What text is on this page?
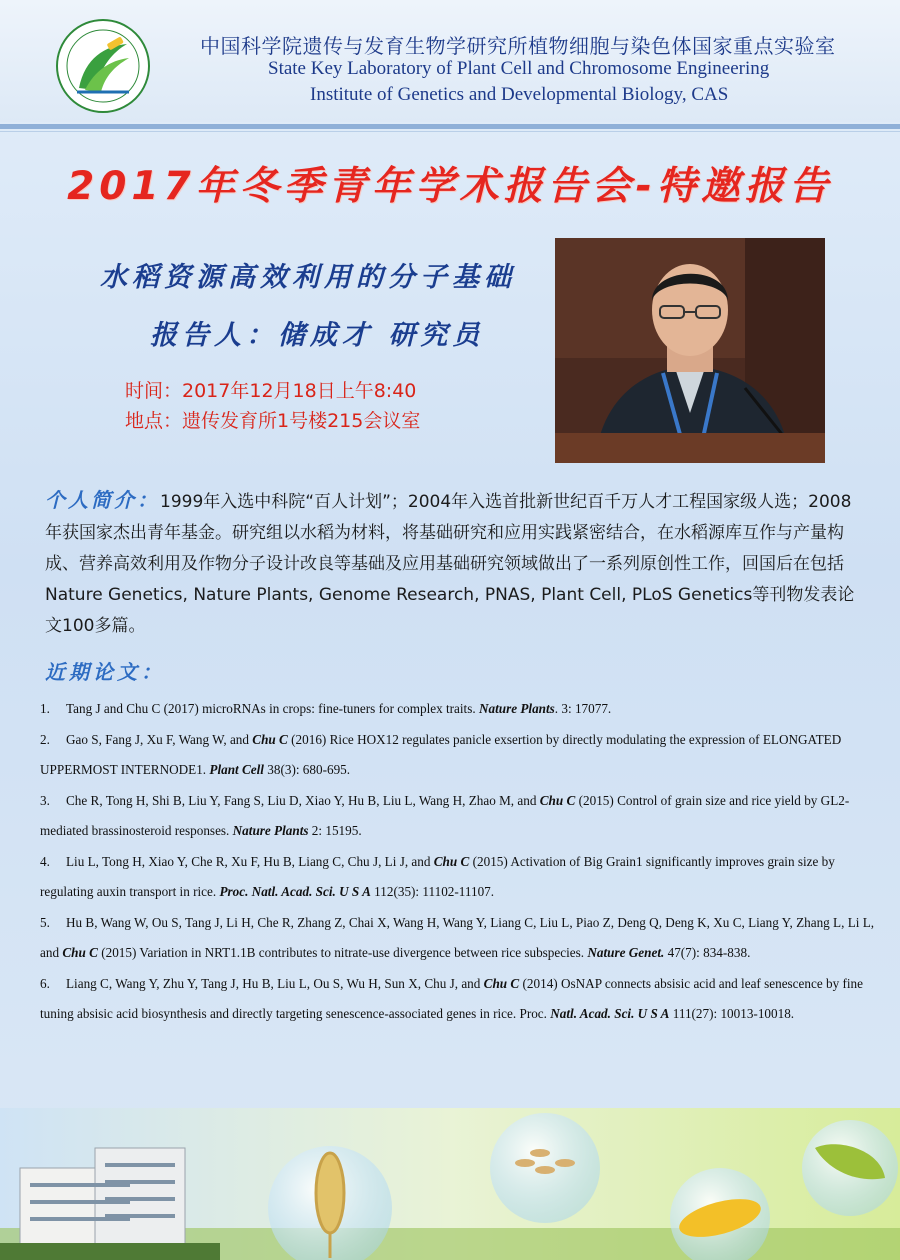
中国科学院遗传与发育生物学研究所植物细胞与染色体国家重点实验室
State Key Laboratory of Plant Cell and Chromosome Engineering
Institute of Genetics and Developmental Biology, CAS
2017年冬季青年学术报告会-特邀报告
水稻资源高效利用的分子基础
报告人：储成才 研究员
时间：2017年12月18日上午8:40
地点：遗传发育所1号楼215会议室
个人简介：1999年入选中科院“百人计划”；2004年入选首批新世纪百千万人才工程国家级人选；2008年获国家杰出青年基金。研究组以水稻为材料，将基础研究和应用实践紧密结合，在水稻源库互作与产量构成、营养高效利用及作物分子设计改良等基础及应用基础研究领域做出了一系列原创性工作，回国后在包括Nature Genetics, Nature Plants, Genome Research, PNAS, Plant Cell, PLoS Genetics等刊物发表论文100多篇。
近期论文：
1. Tang J and Chu C (2017) microRNAs in crops: fine-tuners for complex traits. Nature Plants. 3: 17077.
2. Gao S, Fang J, Xu F, Wang W, and Chu C (2016) Rice HOX12 regulates panicle exsertion by directly modulating the expression of ELONGATED UPPERMOST INTERNODE1. Plant Cell 38(3): 680-695.
3. Che R, Tong H, Shi B, Liu Y, Fang S, Liu D, Xiao Y, Hu B, Liu L, Wang H, Zhao M, and Chu C (2015) Control of grain size and rice yield by GL2-mediated brassinosteroid responses. Nature Plants 2: 15195.
4. Liu L, Tong H, Xiao Y, Che R, Xu F, Hu B, Liang C, Chu J, Li J, and Chu C (2015) Activation of Big Grain1 significantly improves grain size by regulating auxin transport in rice. Proc. Natl. Acad. Sci. U S A 112(35): 11102-11107.
5. Hu B, Wang W, Ou S, Tang J, Li H, Che R, Zhang Z, Chai X, Wang H, Wang Y, Liang C, Liu L, Piao Z, Deng Q, Deng K, Xu C, Liang Y, Zhang L, Li L, and Chu C (2015) Variation in NRT1.1B contributes to nitrate-use divergence between rice subspecies. Nature Genet. 47(7): 834-838.
6. Liang C, Wang Y, Zhu Y, Tang J, Hu B, Liu L, Ou S, Wu H, Sun X, Chu J, and Chu C (2014) OsNAP connects absisic acid and leaf senescence by fine tuning absisic acid biosynthesis and directly targeting senescence-associated genes in rice. Proc. Natl. Acad. Sci. U S A 111(27): 10013-10018.
